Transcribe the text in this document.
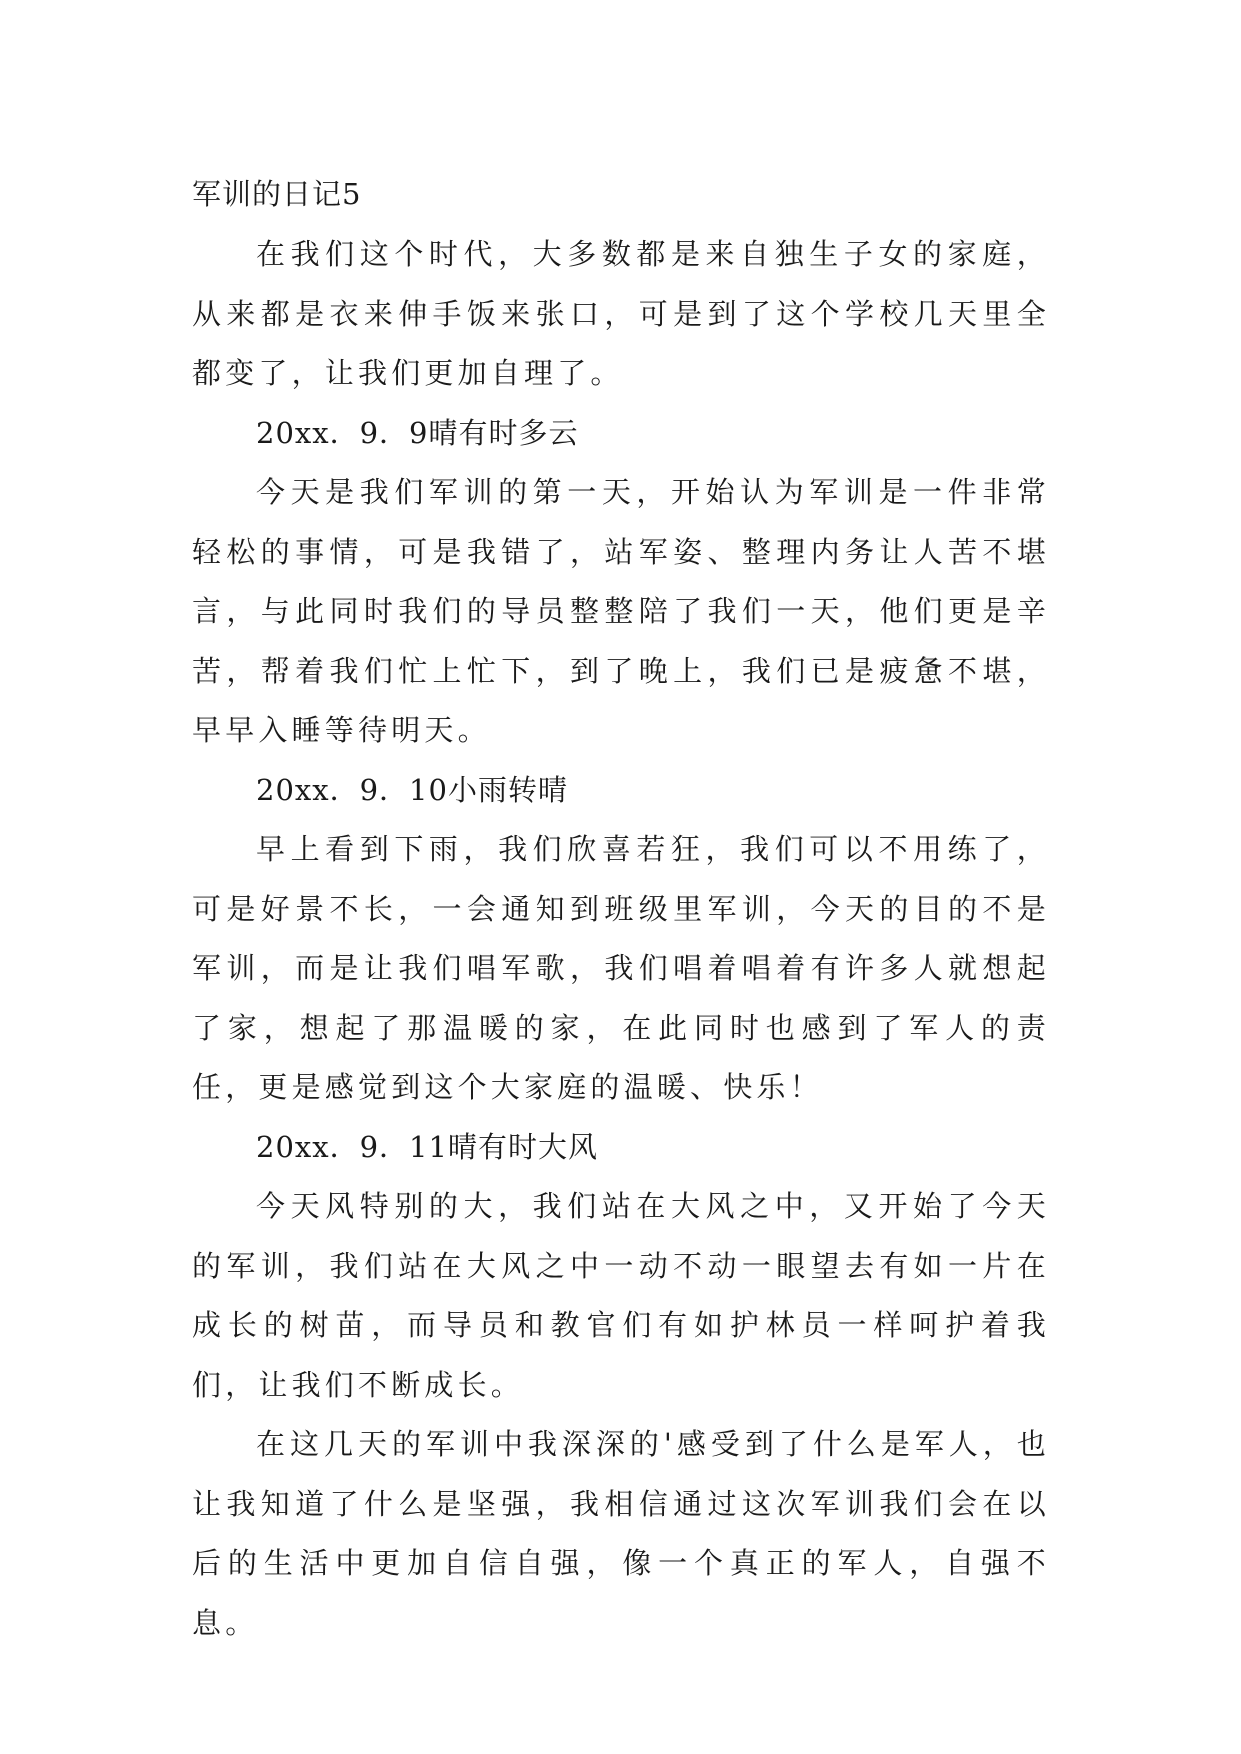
军训的日记5

在我们这个时代，大多数都是来自独生子女的家庭，从来都是衣来伸手饭来张口，可是到了这个学校几天里全都变了，让我们更加自理了。

20xx．9．9晴有时多云

今天是我们军训的第一天，开始认为军训是一件非常轻松的事情，可是我错了，站军姿、整理内务让人苦不堪言，与此同时我们的导员整整陪了我们一天，他们更是辛苦，帮着我们忙上忙下，到了晚上，我们已是疲惫不堪，早早入睡等待明天。

20xx．9．10小雨转晴

早上看到下雨，我们欣喜若狂，我们可以不用练了，可是好景不长，一会通知到班级里军训，今天的目的不是军训，而是让我们唱军歌，我们唱着唱着有许多人就想起了家，想起了那温暖的家，在此同时也感到了军人的责任，更是感觉到这个大家庭的温暖、快乐！

20xx．9．11晴有时大风

今天风特别的大，我们站在大风之中，又开始了今天的军训，我们站在大风之中一动不动一眼望去有如一片在成长的树苗，而导员和教官们有如护林员一样呵护着我们，让我们不断成长。

在这几天的军训中我深深的'感受到了什么是军人，也让我知道了什么是坚强，我相信通过这次军训我们会在以后的生活中更加自信自强，像一个真正的军人，自强不息。
